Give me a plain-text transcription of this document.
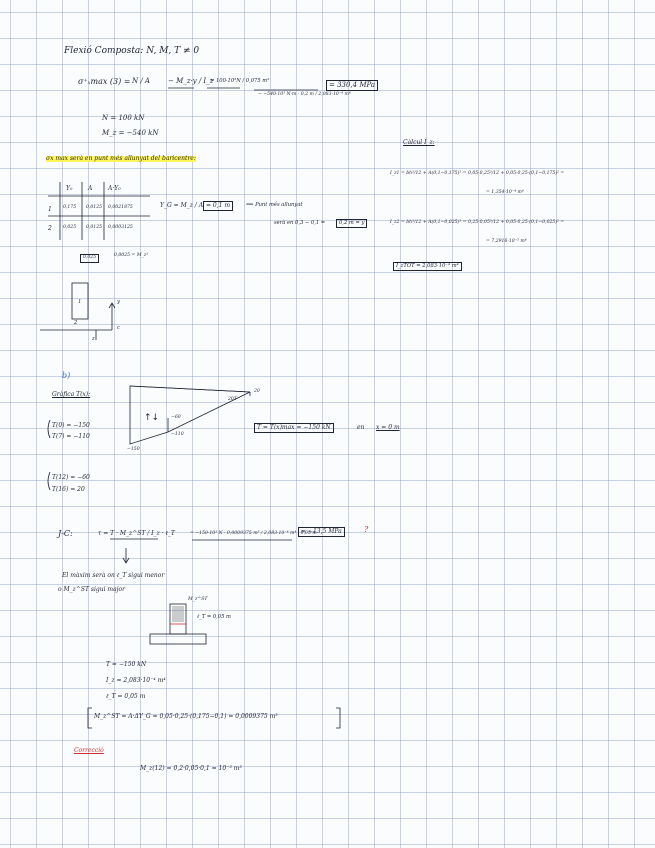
Flexió Composta: N, M, T ≠ 0
σ⁺ₓmax (3) = N / A	− M_z·y / I_z
= 100·10³N / 0,075 m²
− −540·10³ N·m · 0,2 m / 2,083·10⁻⁴ m⁴
= 330,4 MPa
N = 100 kN
M_z = −540 kN
σx max serà en punt més allunyat del baricentre:
Càlcul I_z:
I_z1 = bh³/12 + A(0,1−0,175)² = 0,05·0,25³/12 + 0,05·0,25·(0,1−0,175)² =
= 1,354·10⁻⁴ m⁴
I_z2 = bh³/12 + A(0,1−0,025)² = 0,25·0,05³/12 + 0,05·0,25·(0,1−0,025)² =
= 7,2916·10⁻⁵ m⁴
I_zTOT = 2,083·10⁻⁴ m⁴
Y₀	A	A·Y₀
1 0,175 0,0125 0,0021875
2 0,025 0,0125 0,0003125
0,025	0,0025 = M_z¹
Y_G = M_z / A = 0,1 m	⟹ Punt més allunyat
serà en 0,3 − 0,1 =	0,2 m = y
1
2
y
z
c
b)
Gràfica T(x):
T(0) = −150
T(7) = −110
T(12) = −60
T(16) = 20
20
20T
−60
−110
−150
T = T(x)max = −150 kN	en x = 0 m
J-C:	τ = T · M_z^ST / I_z · ℓ_T	= −150·10³ N · 0,0009375 m³ / 2,083·10⁻⁴ m⁴ · 0,05 m
= −13,5 MPa	?
El màxim serà on ℓ_T sigui menor
o M_z^ST sigui major
M_z^ST
ℓ_T = 0,05 m
T = −150 kN
I_z = 2,083·10⁻⁴ m⁴
ℓ_T = 0,05 m
M_z^ST = A·ΔY_G = 0,05·0,25·(0,175−0,1) = 0,0009375 m³
Correcció
M_z(12) = 0,2·0,05·0,1 = 10⁻³ m³
↑↓
